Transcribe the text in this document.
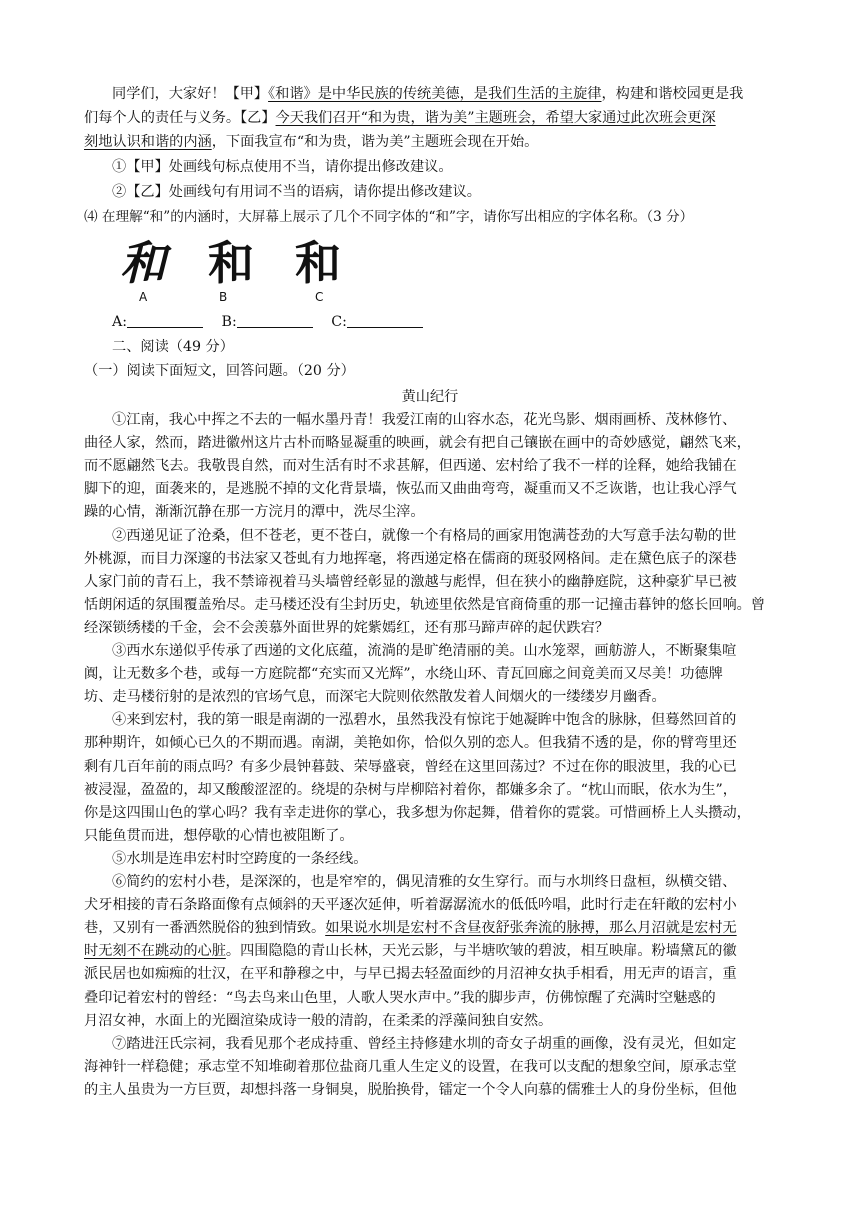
同学们，大家好！【甲】《和谐》是中华民族的传统美德，是我们生活的主旋律，构建和谐校园更是我
们每个人的责任与义务。【乙】今天我们召开“和为贵，谐为美”主题班会，希望大家通过此次班会更深
刻地认识和谐的内涵，下面我宣布“和为贵，谐为美”主题班会现在开始。
①【甲】处画线句标点使用不当，请你提出修改建议。
②【乙】处画线句有用词不当的语病，请你提出修改建议。
⑷ 在理解“和”的内涵时，大屏幕上展示了几个不同字体的“和”字，请你写出相应的字体名称。（3 分）
和 和 和
A	B	C
A:	B:	C:
二、阅读（49 分）
（一）阅读下面短文，回答问题。（20 分）
黄山纪行
①江南，我心中挥之不去的一幅水墨丹青！我爱江南的山容水态，花光鸟影、烟雨画桥、茂林修竹、
曲径人家，然而，踏进徽州这片古朴而略显凝重的映画，就会有把自己镶嵌在画中的奇妙感觉，翩然飞来，
而不愿翩然飞去。我敬畏自然，而对生活有时不求甚解，但西递、宏村给了我不一样的诠释，她给我铺在
脚下的迎，面袭来的，是逃脱不掉的文化背景墙，恢弘而又曲曲弯弯，凝重而又不乏诙谐，也让我心浮气
躁的心情，渐渐沉静在那一方浣月的潭中，洗尽尘滓。
②西递见证了沧桑，但不苍老，更不苍白，就像一个有格局的画家用饱满苍劲的大写意手法勾勒的世
外桃源，而目力深邃的书法家又苍虬有力地挥毫，将西递定格在儒商的斑驳网格间。走在黛色底子的深巷
人家门前的青石上，我不禁谛视着马头墙曾经彰显的激越与彪悍，但在狭小的幽静庭院，这种豪犷早已被
恬朗闲适的氛围覆盖殆尽。走马楼还没有尘封历史，轨迹里依然是官商倚重的那一记撞击暮钟的悠长回响。曾
经深锁绣楼的千金，会不会羡慕外面世界的姹紫嫣红，还有那马蹄声碎的起伏跌宕？
③西水东递似乎传承了西递的文化底蕴，流淌的是旷绝清丽的美。山水笼翠，画舫游人，不断聚集喧
阗，让无数多个巷，或每一方庭院都“充实而又光辉”，水绕山环、青瓦回廊之间竟美而又尽美！功德牌
坊、走马楼衍射的是浓烈的官场气息，而深宅大院则依然散发着人间烟火的一缕缕岁月幽香。
④来到宏村，我的第一眼是南湖的一泓碧水，虽然我没有惊诧于她凝眸中饱含的脉脉，但蓦然回首的
那种期许，如倾心已久的不期而遇。南湖，美艳如你，恰似久别的恋人。但我猜不透的是，你的臂弯里还
剩有几百年前的雨点吗？有多少晨钟暮鼓、荣辱盛衰，曾经在这里回荡过？不过在你的眼波里，我的心已
被浸湿，盈盈的，却又酸酸涩涩的。绕堤的杂树与岸柳陪衬着你，都嫌多余了。“枕山而眠，依水为生”，
你是这四围山色的掌心吗？我有幸走进你的掌心，我多想为你起舞，借着你的霓裳。可惜画桥上人头攒动，
只能鱼贯而进，想停歇的心情也被阻断了。
⑤水圳是连串宏村时空跨度的一条经线。
⑥简约的宏村小巷，是深深的，也是窄窄的，偶见清雅的女生穿行。而与水圳终日盘桓，纵横交错、
犬牙相接的青石条路面像有点倾斜的天平逐次延伸，听着潺潺流水的低低吟唱，此时行走在轩敞的宏村小
巷，又别有一番洒然脱俗的独到情致。如果说水圳是宏村不含昼夜舒张奔流的脉搏，那么月沼就是宏村无
时无刻不在跳动的心脏。四围隐隐的青山长林，天光云影，与半塘吹皱的碧波，相互映扉。粉墙黛瓦的徽
派民居也如痴痴的壮汉，在平和静穆之中，与早已揭去轻盈面纱的月沼神女执手相看，用无声的语言，重
叠印记着宏村的曾经：“鸟去鸟来山色里，人歌人哭水声中。”我的脚步声，仿佛惊醒了充满时空魅惑的
月沼女神，水面上的光圈渲染成诗一般的清韵，在柔柔的浮藻间独自安然。
⑦踏进汪氏宗祠，我看见那个老成持重、曾经主持修建水圳的奇女子胡重的画像，没有灵光，但如定
海神针一样稳健；承志堂不知堆砌着那位盐商几重人生定义的设置，在我可以支配的想象空间，原承志堂
的主人虽贵为一方巨贾，却想抖落一身铜臭，脱胎换骨，镭定一个令人向慕的儒雅士人的身份坐标，但他
